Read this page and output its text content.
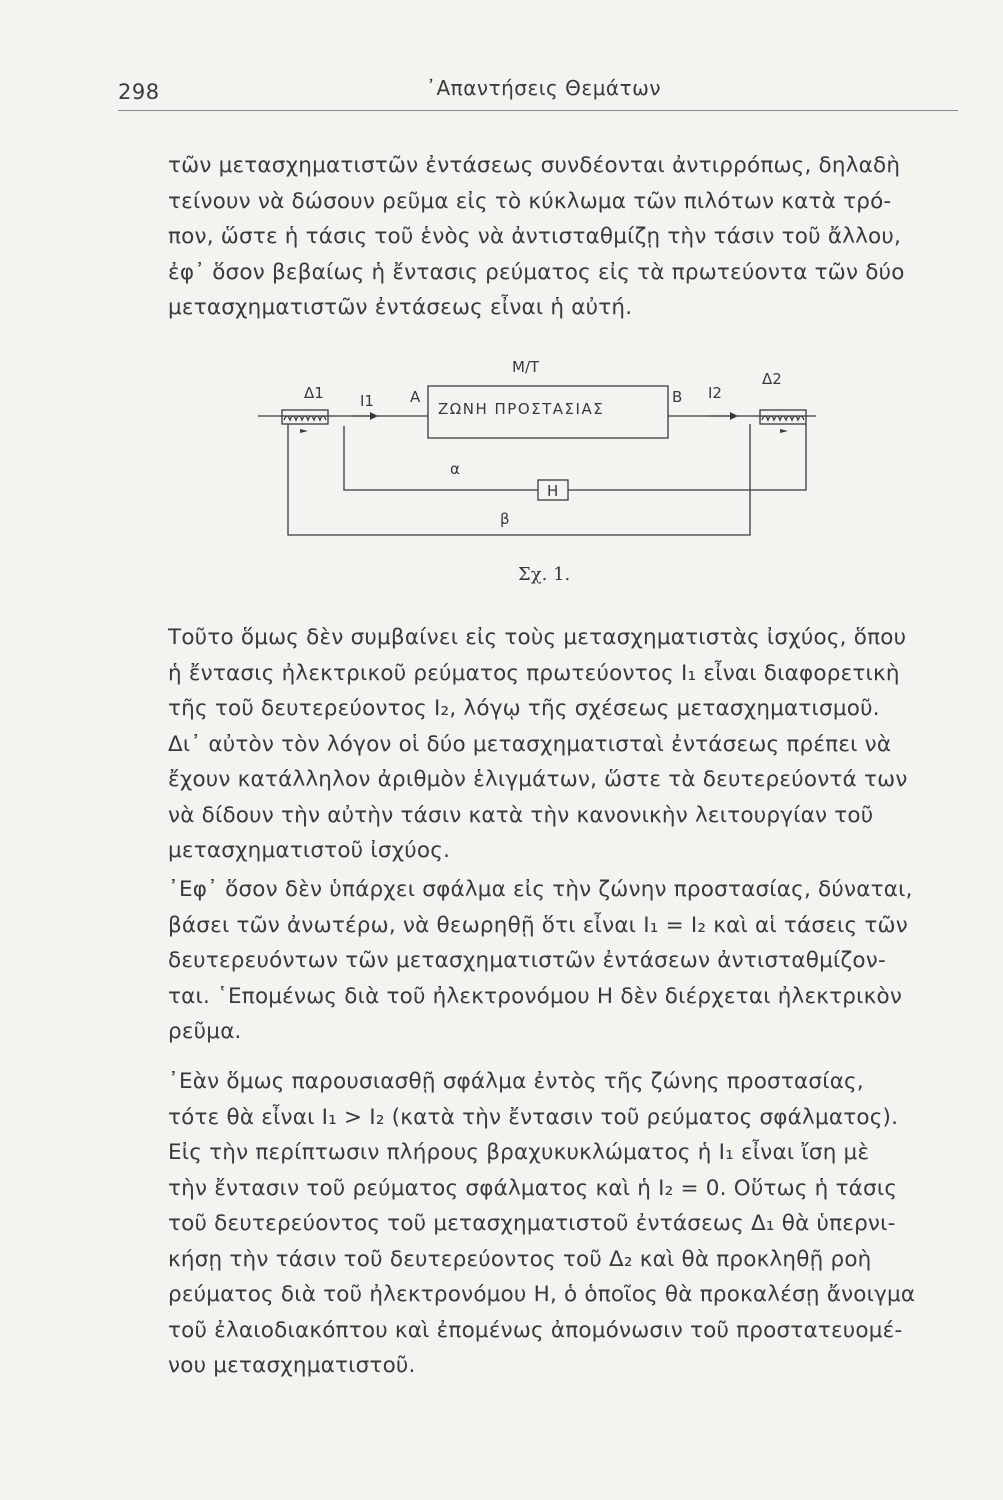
298	᾽Απαντήσεις Θεμάτων
τῶν μετασχηματιστῶν ἐντάσεως συνδέονται ἀντιρρόπως, δηλαδὴ
τείνουν νὰ δώσουν ρεῦμα εἰς τὸ κύκλωμα τῶν πιλότων κατὰ τρό-
πον, ὥστε ἡ τάσις τοῦ ἑνὸς νὰ ἀντισταθμίζῃ τὴν τάσιν τοῦ ἄλλου,
ἐφ᾽ ὅσον βεβαίως ἡ ἔντασις ρεύματος εἰς τὰ πρωτεύοντα τῶν δύο
μετασχηματιστῶν ἐντάσεως εἶναι ἡ αὐτή.
Μ/Τ
ΖΩΝΗ ΠΡΟΣΤΑΣΙΑΣ
Δ1
Δ2
I1	I2
A	B
α
β
H
Σχ. 1.
Τοῦτο ὅμως δὲν συμβαίνει εἰς τοὺς μετασχηματιστὰς ἰσχύος, ὅπου
ἡ ἔντασις ἠλεκτρικοῦ ρεύματος πρωτεύοντος I₁ εἶναι διαφορετικὴ
τῆς τοῦ δευτερεύοντος I₂, λόγῳ τῆς σχέσεως μετασχηματισμοῦ.
Δι᾽ αὐτὸν τὸν λόγον οἱ δύο μετασχηματισταὶ ἐντάσεως πρέπει νὰ
ἔχουν κατάλληλον ἀριθμὸν ἑλιγμάτων, ὥστε τὰ δευτερεύοντά των
νὰ δίδουν τὴν αὐτὴν τάσιν κατὰ τὴν κανονικὴν λειτουργίαν τοῦ
μετασχηματιστοῦ ἰσχύος.
᾽Εφ᾽ ὅσον δὲν ὑπάρχει σφάλμα εἰς τὴν ζώνην προστασίας, δύναται,
βάσει τῶν ἀνωτέρω, νὰ θεωρηθῇ ὅτι εἶναι I₁ = I₂ καὶ αἱ τάσεις τῶν
δευτερευόντων τῶν μετασχηματιστῶν ἐντάσεων ἀντισταθμίζον-
ται. ῾Επομένως διὰ τοῦ ἠλεκτρονόμου H δὲν διέρχεται ἠλεκτρικὸν
ρεῦμα.
᾽Εὰν ὅμως παρουσιασθῇ σφάλμα ἐντὸς τῆς ζώνης προστασίας,
τότε θὰ εἶναι I₁ > I₂ (κατὰ τὴν ἔντασιν τοῦ ρεύματος σφάλματος).
Εἰς τὴν περίπτωσιν πλήρους βραχυκυκλώματος ἡ I₁ εἶναι ἴση μὲ
τὴν ἔντασιν τοῦ ρεύματος σφάλματος καὶ ἡ I₂ = 0. Οὕτως ἡ τάσις
τοῦ δευτερεύοντος τοῦ μετασχηματιστοῦ ἐντάσεως Δ₁ θὰ ὑπερνι-
κήσῃ τὴν τάσιν τοῦ δευτερεύοντος τοῦ Δ₂ καὶ θὰ προκληθῇ ροὴ
ρεύματος διὰ τοῦ ἠλεκτρονόμου H, ὁ ὁποῖος θὰ προκαλέσῃ ἄνοιγμα
τοῦ ἐλαιοδιακόπτου καὶ ἐπομένως ἀπομόνωσιν τοῦ προστατευομέ-
νου μετασχηματιστοῦ.
